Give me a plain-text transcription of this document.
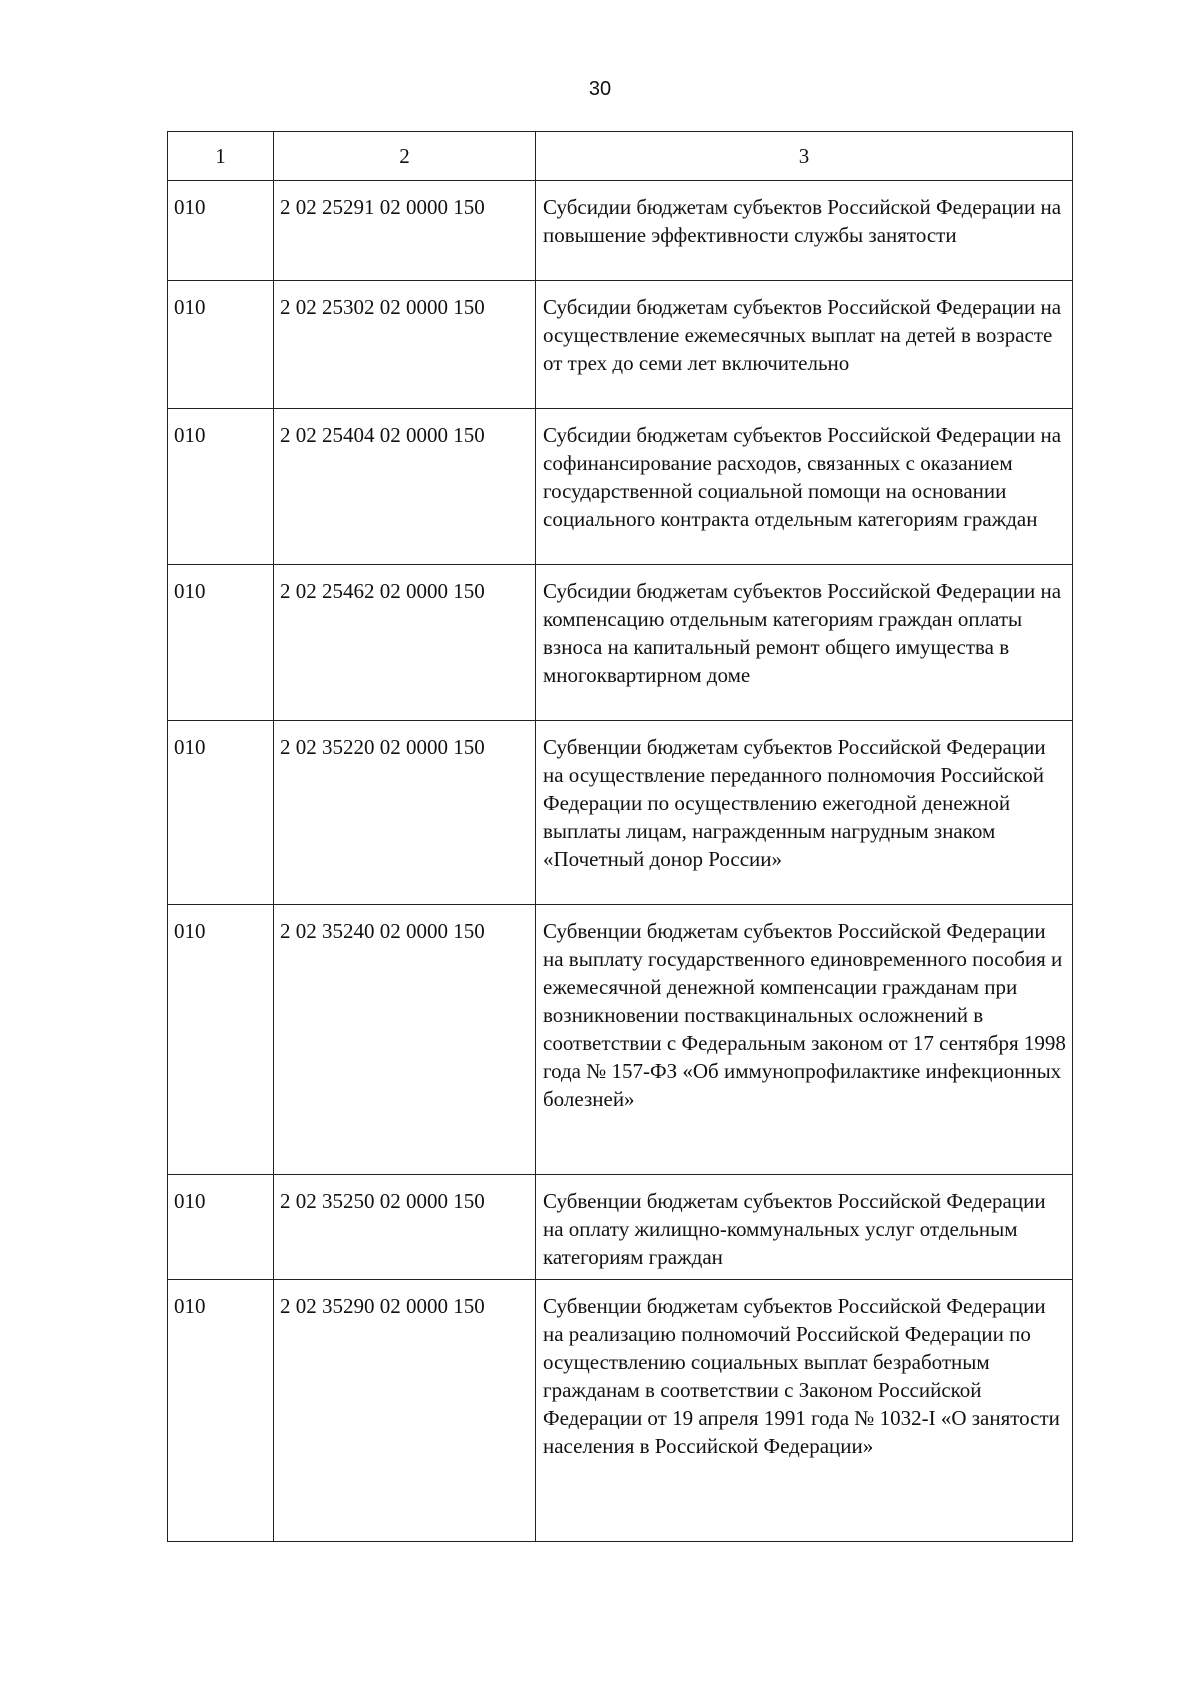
30
1	2	3
010	2 02 25291 02 0000 150	Субсидии бюджетам субъектов Российской Федерации на повышение эффективности службы занятости
010	2 02 25302 02 0000 150	Субсидии бюджетам субъектов Российской Федерации на осуществление ежемесячных выплат на детей в возрасте от трех до семи лет включительно
010	2 02 25404 02 0000 150	Субсидии бюджетам субъектов Российской Федерации на софинансирование расходов, связанных с оказанием государственной социальной помощи на основании социального контракта отдельным категориям граждан
010	2 02 25462 02 0000 150	Субсидии бюджетам субъектов Российской Федерации на компенсацию отдельным категориям граждан оплаты взноса на капитальный ремонт общего имущества в многоквартирном доме
010	2 02 35220 02 0000 150	Субвенции бюджетам субъектов Российской Федерации на осуществление переданного полномочия Российской Федерации по осуществлению ежегодной денежной выплаты лицам, награжденным нагрудным знаком «Почетный донор России»
010	2 02 35240 02 0000 150	Субвенции бюджетам субъектов Российской Федерации на выплату государственного единовременного пособия и ежемесячной денежной компенсации гражданам при возникновении поствакцинальных осложнений в соответствии с Федеральным законом от 17 сентября 1998 года № 157-ФЗ «Об иммунопрофилактике инфекционных болезней»
010	2 02 35250 02 0000 150	Субвенции бюджетам субъектов Российской Федерации на оплату жилищно-коммунальных услуг отдельным категориям граждан
010	2 02 35290 02 0000 150	Субвенции бюджетам субъектов Российской Федерации на реализацию полномочий Российской Федерации по осуществлению социальных выплат безработным гражданам в соответствии с Законом Российской Федерации от 19 апреля 1991 года № 1032-I «О занятости населения в Российской Федерации»
